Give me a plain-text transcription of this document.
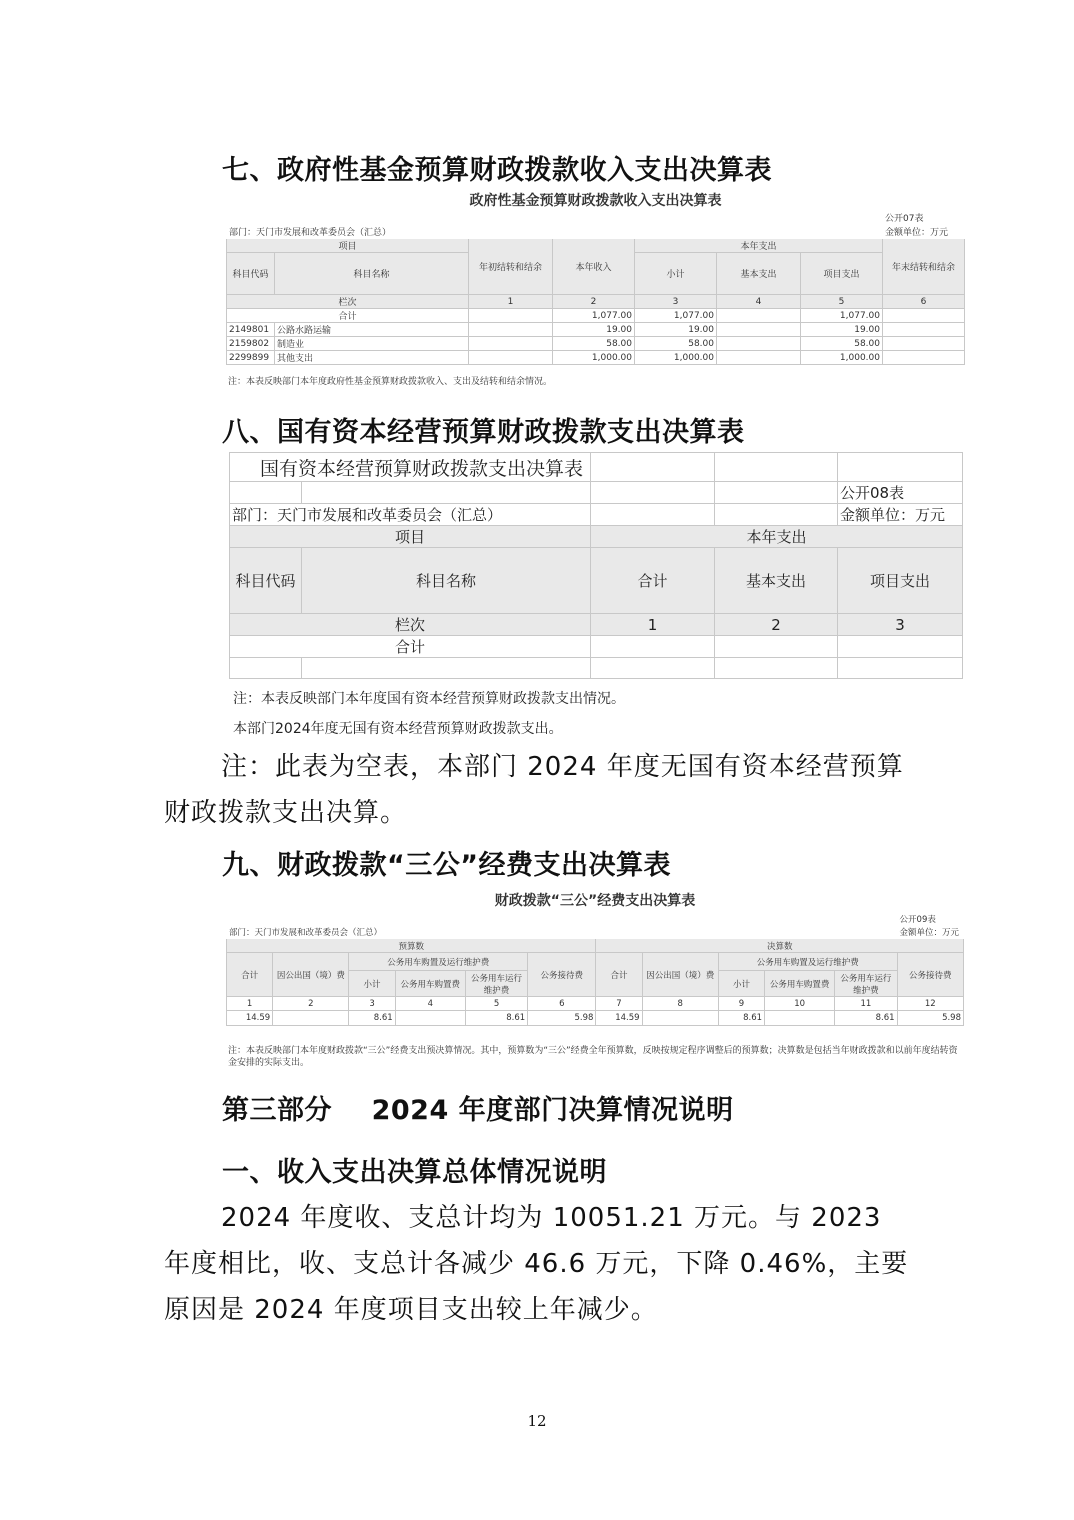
七、政府性基金预算财政拨款收入支出决算表
政府性基金预算财政拨款收入支出决算表							
							公开07表
部门：天门市发展和改革委员会（汇总）							金额单位：万元
项目		年初结转和结余	本年收入	本年支出			年末结转和结余
科目代码	科目名称			小计	基本支出	项目支出	
栏次		1	2	3	4	5	6
合计			1,077.00	1,077.00		1,077.00	
2149801	公路水路运输		19.00	19.00		19.00	
2159802	制造业		58.00	58.00		58.00	
2299899	其他支出		1,000.00	1,000.00		1,000.00	
注：本表反映部门本年度政府性基金预算财政拨款收入、支出及结转和结余情况。
八、国有资本经营预算财政拨款支出决算表
国有资本经营预算财政拨款支出决算表				
				公开08表
部门：天门市发展和改革委员会（汇总）				金额单位：万元
项目		本年支出		
科目代码	科目名称	合计	基本支出	项目支出
栏次		1	2	3
合计				

注：本表反映部门本年度国有资本经营预算财政拨款支出情况。
本部门2024年度无国有资本经营预算财政拨款支出。
注：此表为空表，本部门 2024 年度无国有资本经营预算财政拨款支出决算。
九、财政拨款“三公”经费支出决算表
财政拨款“三公”经费支出决算表											
											公开09表
部门：天门市发展和改革委员会（汇总）											金额单位：万元
预算数						决算数					
合计	因公出国（境）费	公务用车购置及运行维护费			公务接待费	合计	因公出国（境）费	公务用车购置及运行维护费			公务接待费
		小计	公务用车购置费	公务用车运行维护费				小计	公务用车购置费	公务用车运行维护费	
1	2	3	4	5	6	7	8	9	10	11	12
14.59		8.61		8.61	5.98	14.59		8.61		8.61	5.98
注：本表反映部门本年度财政拨款“三公”经费支出预决算情况。其中，预算数为“三公”经费全年预算数，反映按规定程序调整后的预算数；决算数是包括当年财政拨款和以前年度结转资金安排的实际支出。
第三部分    2024 年度部门决算情况说明
一、收入支出决算总体情况说明
2024 年度收、支总计均为 10051.21 万元。与 2023 年度相比，收、支总计各减少 46.6 万元，下降 0.46%，主要原因是 2024 年度项目支出较上年减少。
12
